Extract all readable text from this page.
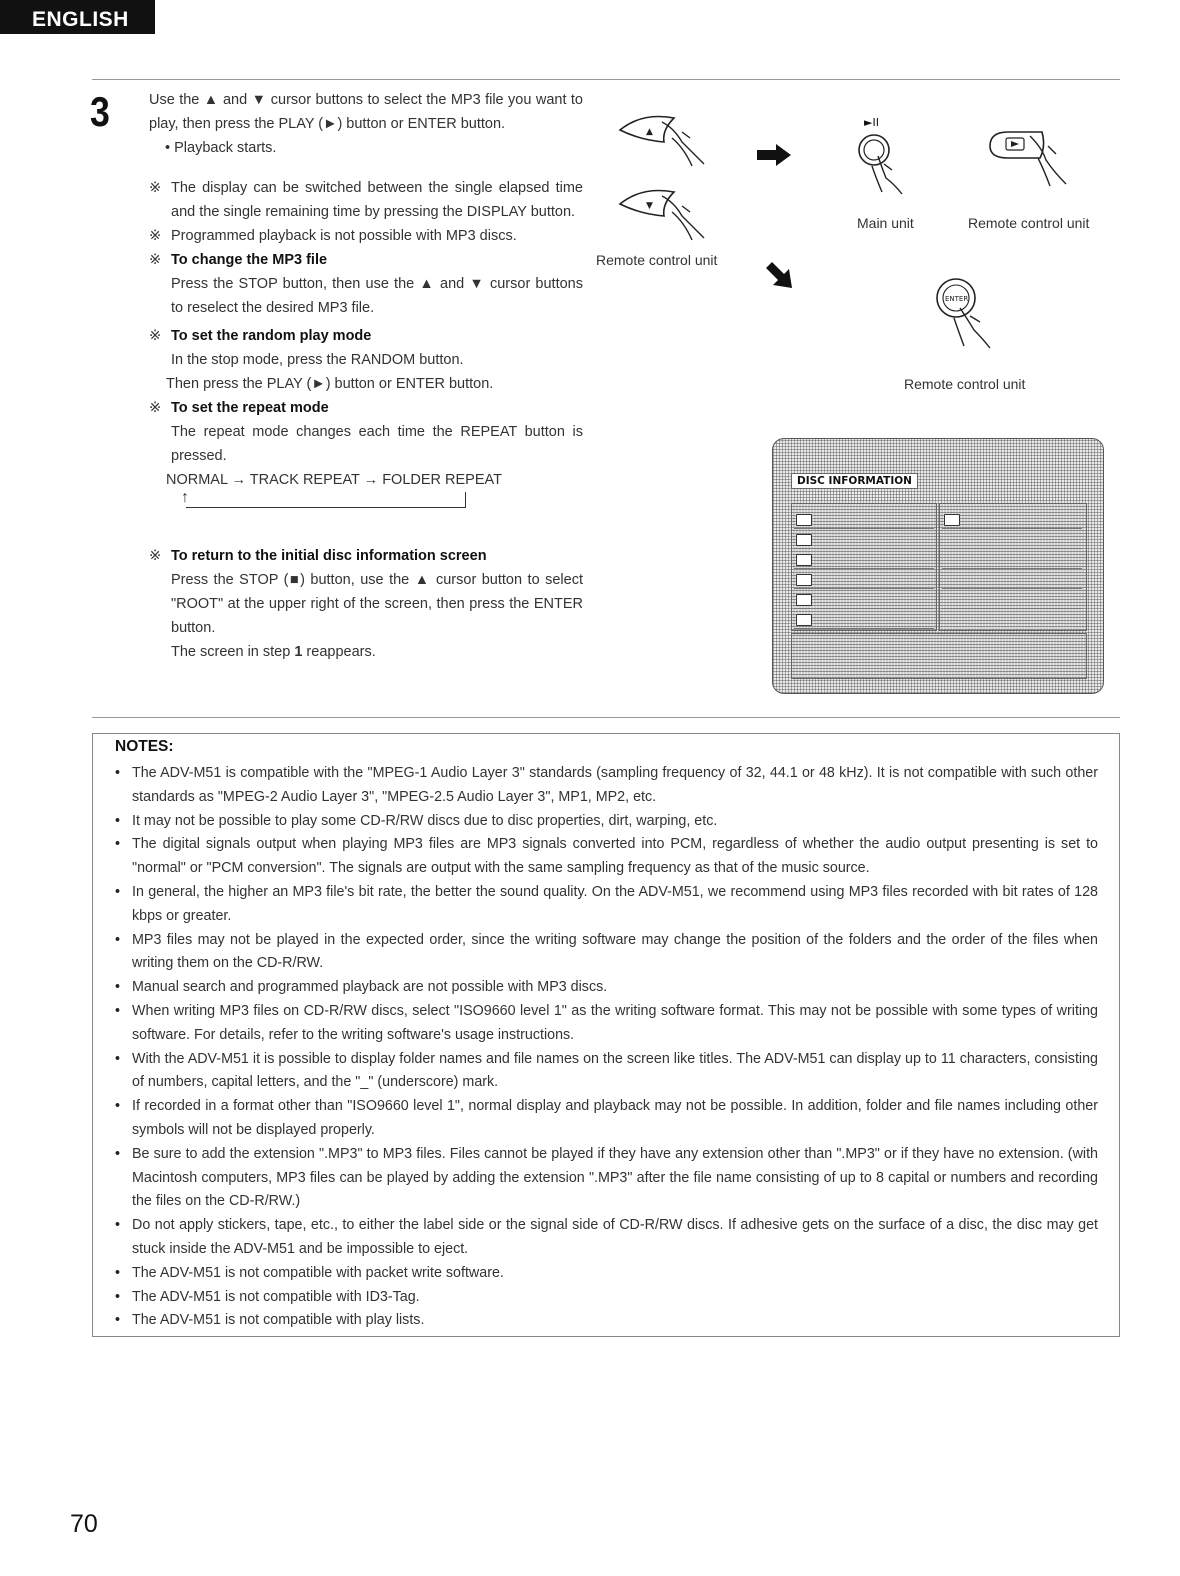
ENGLISH
3	Use the ▲ and ▼ cursor buttons to select the MP3 file you want to play, then press the PLAY (►) button or ENTER button.

• Playback starts.

※ The display can be switched between the single elapsed time and the single remaining time by pressing the DISPLAY button.

※ Programmed playback is not possible with MP3 discs.

※ To change the MP3 file

Press the STOP button, then use the ▲ and ▼ cursor buttons to reselect the desired MP3 file.

※ To set the random play mode

In the stop mode, press the RANDOM button.

Then press the PLAY (►) button or ENTER button.

※ To set the repeat mode

The repeat mode changes each time the REPEAT button is pressed.

NORMAL → TRACK REPEAT → FOLDER REPEAT

↑

※ To return to the initial disc information screen

Press the STOP (■) button, use the ▲ cursor button to select "ROOT" at the upper right of the screen, then press the ENTER button.

The screen in step 1 reappears.

▲
▼
Remote control unit
►II
Main unit	Remote control unit
ENTER
Remote control unit
DISC INFORMATION
NOTES:
• The ADV-M51 is compatible with the "MPEG-1 Audio Layer 3" standards (sampling frequency of 32, 44.1 or 48 kHz). It is not compatible with such other standards as "MPEG-2 Audio Layer 3", "MPEG-2.5 Audio Layer 3", MP1, MP2, etc.
• It may not be possible to play some CD-R/RW discs due to disc properties, dirt, warping, etc.
• The digital signals output when playing MP3 files are MP3 signals converted into PCM, regardless of whether the audio output presenting is set to "normal" or "PCM conversion". The signals are output with the same sampling frequency as that of the music source.
• In general, the higher an MP3 file's bit rate, the better the sound quality. On the ADV-M51, we recommend using MP3 files recorded with bit rates of 128 kbps or greater.
• MP3 files may not be played in the expected order, since the writing software may change the position of the folders and the order of the files when writing them on the CD-R/RW.
• Manual search and programmed playback are not possible with MP3 discs.
• When writing MP3 files on CD-R/RW discs, select "ISO9660 level 1" as the writing software format. This may not be possible with some types of writing software. For details, refer to the writing software's usage instructions.
• With the ADV-M51 it is possible to display folder names and file names on the screen like titles. The ADV-M51 can display up to 11 characters, consisting of numbers, capital letters, and the "_" (underscore) mark.
• If recorded in a format other than "ISO9660 level 1", normal display and playback may not be possible. In addition, folder and file names including other symbols will not be displayed properly.
• Be sure to add the extension ".MP3" to MP3 files. Files cannot be played if they have any extension other than ".MP3" or if they have no extension. (with Macintosh computers, MP3 files can be played by adding the extension ".MP3" after the file name consisting of up to 8 capital or numbers and recording the files on the CD-R/RW.)
• Do not apply stickers, tape, etc., to either the label side or the signal side of CD-R/RW discs. If adhesive gets on the surface of a disc, the disc may get stuck inside the ADV-M51 and be impossible to eject.
• The ADV-M51 is not compatible with packet write software.
• The ADV-M51 is not compatible with ID3-Tag.
• The ADV-M51 is not compatible with play lists.
70
